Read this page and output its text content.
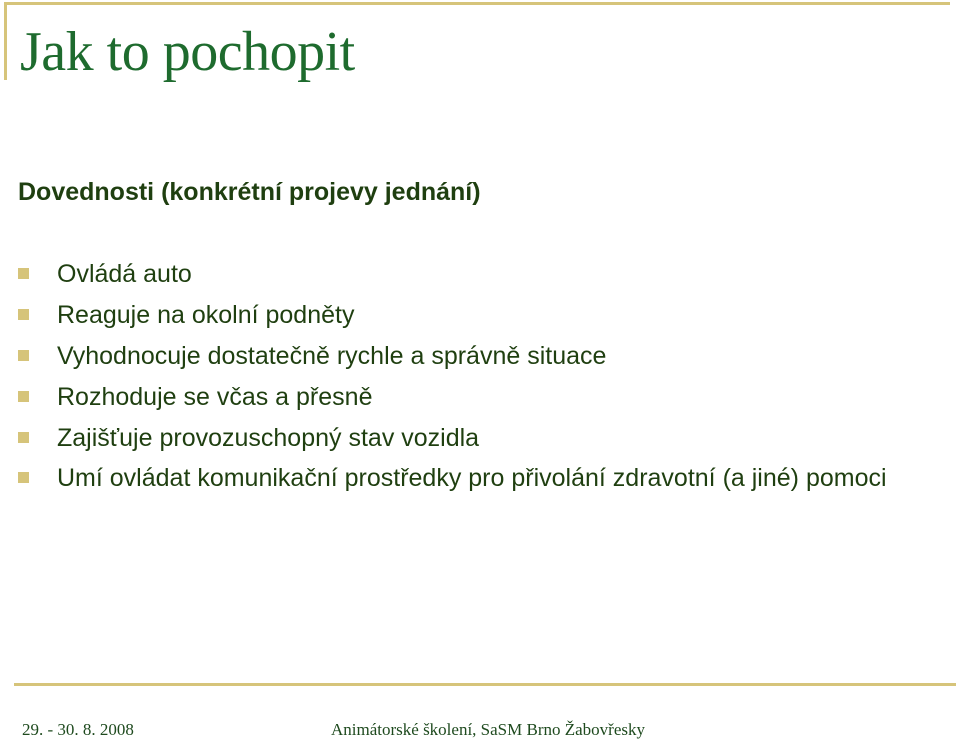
Jak to pochopit

Dovednosti (konkrétní projevy jednání)

Ovládá auto
Reaguje na okolní podněty
Vyhodnocuje dostatečně rychle a správně situace
Rozhoduje se včas a přesně
Zajišťuje provozuschopný stav vozidla
Umí ovládat komunikační prostředky pro přivolání zdravotní (a jiné) pomoci
29. - 30. 8. 2008	Animátorské školení, SaSM Brno Žabovřesky
